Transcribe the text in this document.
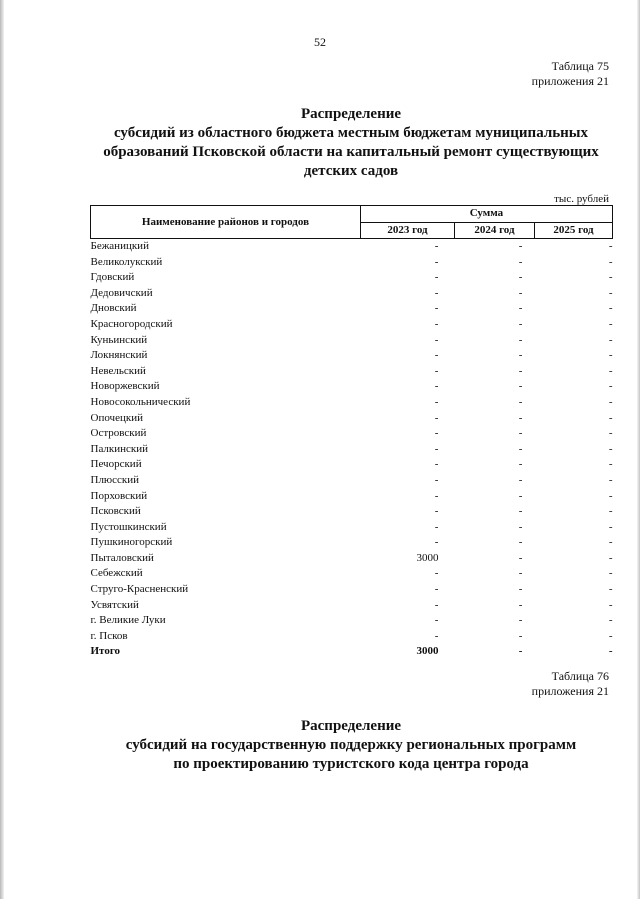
52
Таблица 75
приложения 21
Распределение
субсидий из областного бюджета местным бюджетам муниципальных
образований Псковской области на капитальный ремонт существующих
детских садов
тыс. рублей
Наименование районов и городов	Сумма		
	2023 год	2024 год	2025 год
Бежаницкий	-	-	-
Великолукский	-	-	-
Гдовский	-	-	-
Дедовичский	-	-	-
Дновский	-	-	-
Красногородский	-	-	-
Куньинский	-	-	-
Локнянский	-	-	-
Невельский	-	-	-
Новоржевский	-	-	-
Новосокольнический	-	-	-
Опочецкий	-	-	-
Островский	-	-	-
Палкинский	-	-	-
Печорский	-	-	-
Плюсский	-	-	-
Порховский	-	-	-
Псковский	-	-	-
Пустошкинский	-	-	-
Пушкиногорский	-	-	-
Пыталовский	3000	-	-
Себежский	-	-	-
Струго-Красненский	-	-	-
Усвятский	-	-	-
г. Великие Луки	-	-	-
г. Псков	-	-	-
Итого	3000	-	-
Таблица 76
приложения 21
Распределение
субсидий на государственную поддержку региональных программ
по проектированию туристского кода центра города
